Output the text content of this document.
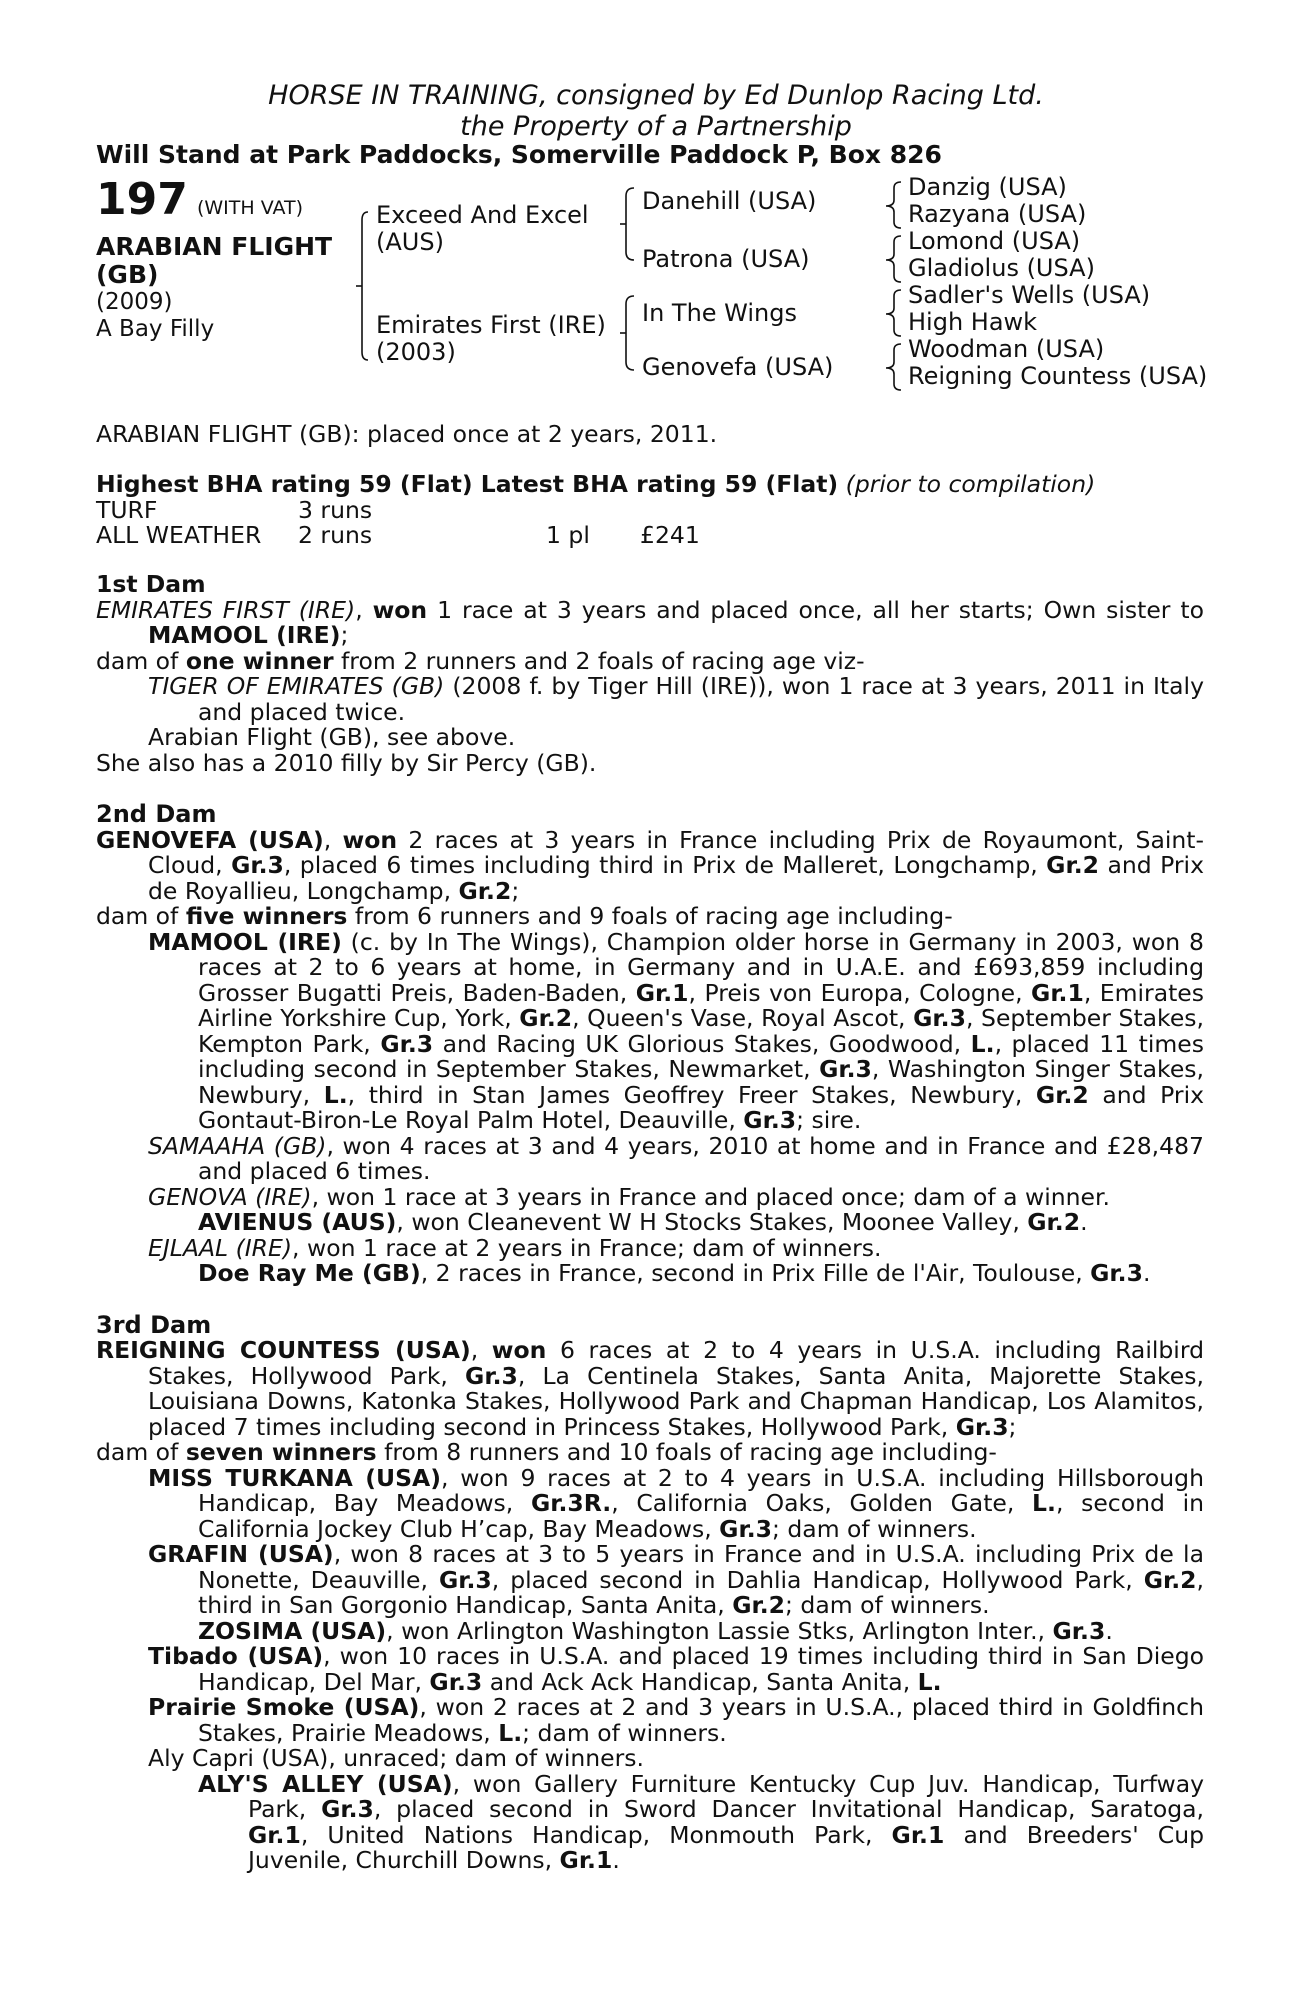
HORSE IN TRAINING, consigned by Ed Dunlop Racing Ltd.
the Property of a Partnership
Will Stand at Park Paddocks, Somerville Paddock P, Box 826
197 (WITH VAT)
ARABIAN FLIGHT
(GB)
(2009)
A Bay Filly
Exceed And Excel
(AUS)
Emirates First (IRE)
(2003)
Danehill (USA)
Patrona (USA)
In The Wings
Genovefa (USA)
Danzig (USA)
Razyana (USA)
Lomond (USA)
Gladiolus (USA)
Sadler's Wells (USA)
High Hawk
Woodman (USA)
Reigning Countess (USA)
ARABIAN FLIGHT (GB): placed once at 2 years, 2011.
Highest BHA rating 59 (Flat) Latest BHA rating 59 (Flat) (prior to compilation)
TURF	3 runs
ALL WEATHER 2 runs	1 pl £241
1st Dam

EMIRATES FIRST (IRE), won 1 race at 3 years and placed once, all her starts; Own sister to MAMOOL (IRE);

dam of one winner from 2 runners and 2 foals of racing age viz-

TIGER OF EMIRATES (GB) (2008 f. by Tiger Hill (IRE)), won 1 race at 3 years, 2011 in Italy and placed twice.

Arabian Flight (GB), see above.

She also has a 2010 filly by Sir Percy (GB).

2nd Dam

GENOVEFA (USA), won 2 races at 3 years in France including Prix de Royaumont, Saint-Cloud, Gr.3, placed 6 times including third in Prix de Malleret, Longchamp, Gr.2 and Prix de Royallieu, Longchamp, Gr.2;

dam of five winners from 6 runners and 9 foals of racing age including-

MAMOOL (IRE) (c. by In The Wings), Champion older horse in Germany in 2003, won 8 races at 2 to 6 years at home, in Germany and in U.A.E. and £693,859 including Grosser Bugatti Preis, Baden-Baden, Gr.1, Preis von Europa, Cologne, Gr.1, Emirates Airline Yorkshire Cup, York, Gr.2, Queen's Vase, Royal Ascot, Gr.3, September Stakes, Kempton Park, Gr.3 and Racing UK Glorious Stakes, Goodwood, L., placed 11 times including second in September Stakes, Newmarket, Gr.3, Washington Singer Stakes, Newbury, L., third in Stan James Geoffrey Freer Stakes, Newbury, Gr.2 and Prix Gontaut-Biron-Le Royal Palm Hotel, Deauville, Gr.3; sire.

SAMAAHA (GB), won 4 races at 3 and 4 years, 2010 at home and in France and £28,487 and placed 6 times.

GENOVA (IRE), won 1 race at 3 years in France and placed once; dam of a winner.

AVIENUS (AUS), won Cleanevent W H Stocks Stakes, Moonee Valley, Gr.2.

EJLAAL (IRE), won 1 race at 2 years in France; dam of winners.

Doe Ray Me (GB), 2 races in France, second in Prix Fille de l'Air, Toulouse, Gr.3.

3rd Dam

REIGNING COUNTESS (USA), won 6 races at 2 to 4 years in U.S.A. including Railbird Stakes, Hollywood Park, Gr.3, La Centinela Stakes, Santa Anita, Majorette Stakes, Louisiana Downs, Katonka Stakes, Hollywood Park and Chapman Handicap, Los Alamitos, placed 7 times including second in Princess Stakes, Hollywood Park, Gr.3;

dam of seven winners from 8 runners and 10 foals of racing age including-

MISS TURKANA (USA), won 9 races at 2 to 4 years in U.S.A. including Hillsborough Handicap, Bay Meadows, Gr.3R., California Oaks, Golden Gate, L., second in California Jockey Club H’cap, Bay Meadows, Gr.3; dam of winners.

GRAFIN (USA), won 8 races at 3 to 5 years in France and in U.S.A. including Prix de la Nonette, Deauville, Gr.3, placed second in Dahlia Handicap, Hollywood Park, Gr.2, third in San Gorgonio Handicap, Santa Anita, Gr.2; dam of winners.

ZOSIMA (USA), won Arlington Washington Lassie Stks, Arlington Inter., Gr.3.

Tibado (USA), won 10 races in U.S.A. and placed 19 times including third in San Diego Handicap, Del Mar, Gr.3 and Ack Ack Handicap, Santa Anita, L.

Prairie Smoke (USA), won 2 races at 2 and 3 years in U.S.A., placed third in Goldfinch Stakes, Prairie Meadows, L.; dam of winners.

Aly Capri (USA), unraced; dam of winners.

ALY'S ALLEY (USA), won Gallery Furniture Kentucky Cup Juv. Handicap, Turfway Park, Gr.3, placed second in Sword Dancer Invitational Handicap, Saratoga, Gr.1, United Nations Handicap, Monmouth Park, Gr.1 and Breeders' Cup Juvenile, Churchill Downs, Gr.1.
